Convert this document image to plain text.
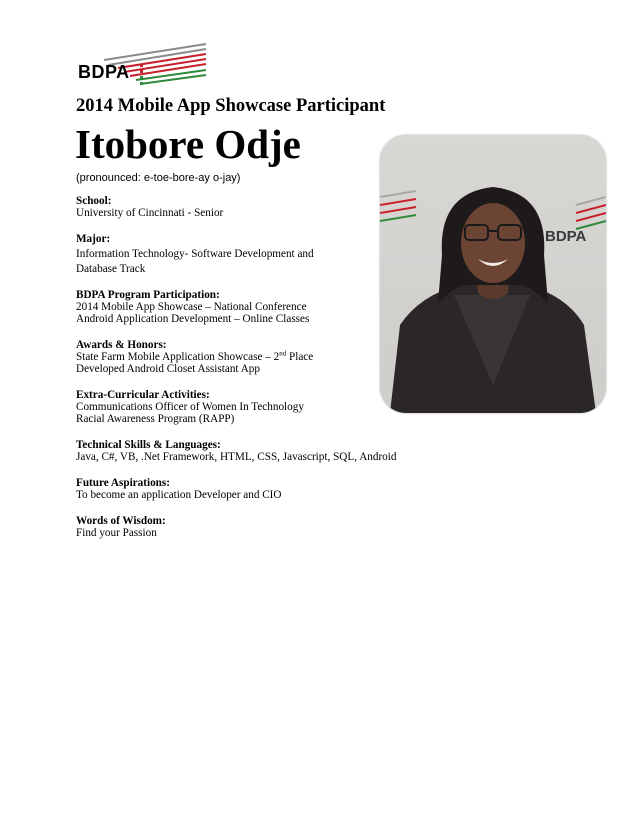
BDPA
2014 Mobile App Showcase Participant
Itobore Odje
(pronounced: e-toe-bore-ay o-jay)
School:
University of Cincinnati - Senior
Major:
Information Technology- Software Development and
Database Track
BDPA Program Participation:
2014 Mobile App Showcase – National Conference
Android Application Development – Online Classes
Awards & Honors:
State Farm Mobile Application Showcase – 2nd Place
Developed Android Closet Assistant App
Extra-Curricular Activities:
Communications Officer of Women In Technology
Racial Awareness Program (RAPP)
Technical Skills & Languages:
Java, C#, VB, .Net Framework, HTML, CSS, Javascript, SQL, Android
Future Aspirations:
To become an application Developer and CIO
Words of Wisdom:
Find your Passion
BDPA
